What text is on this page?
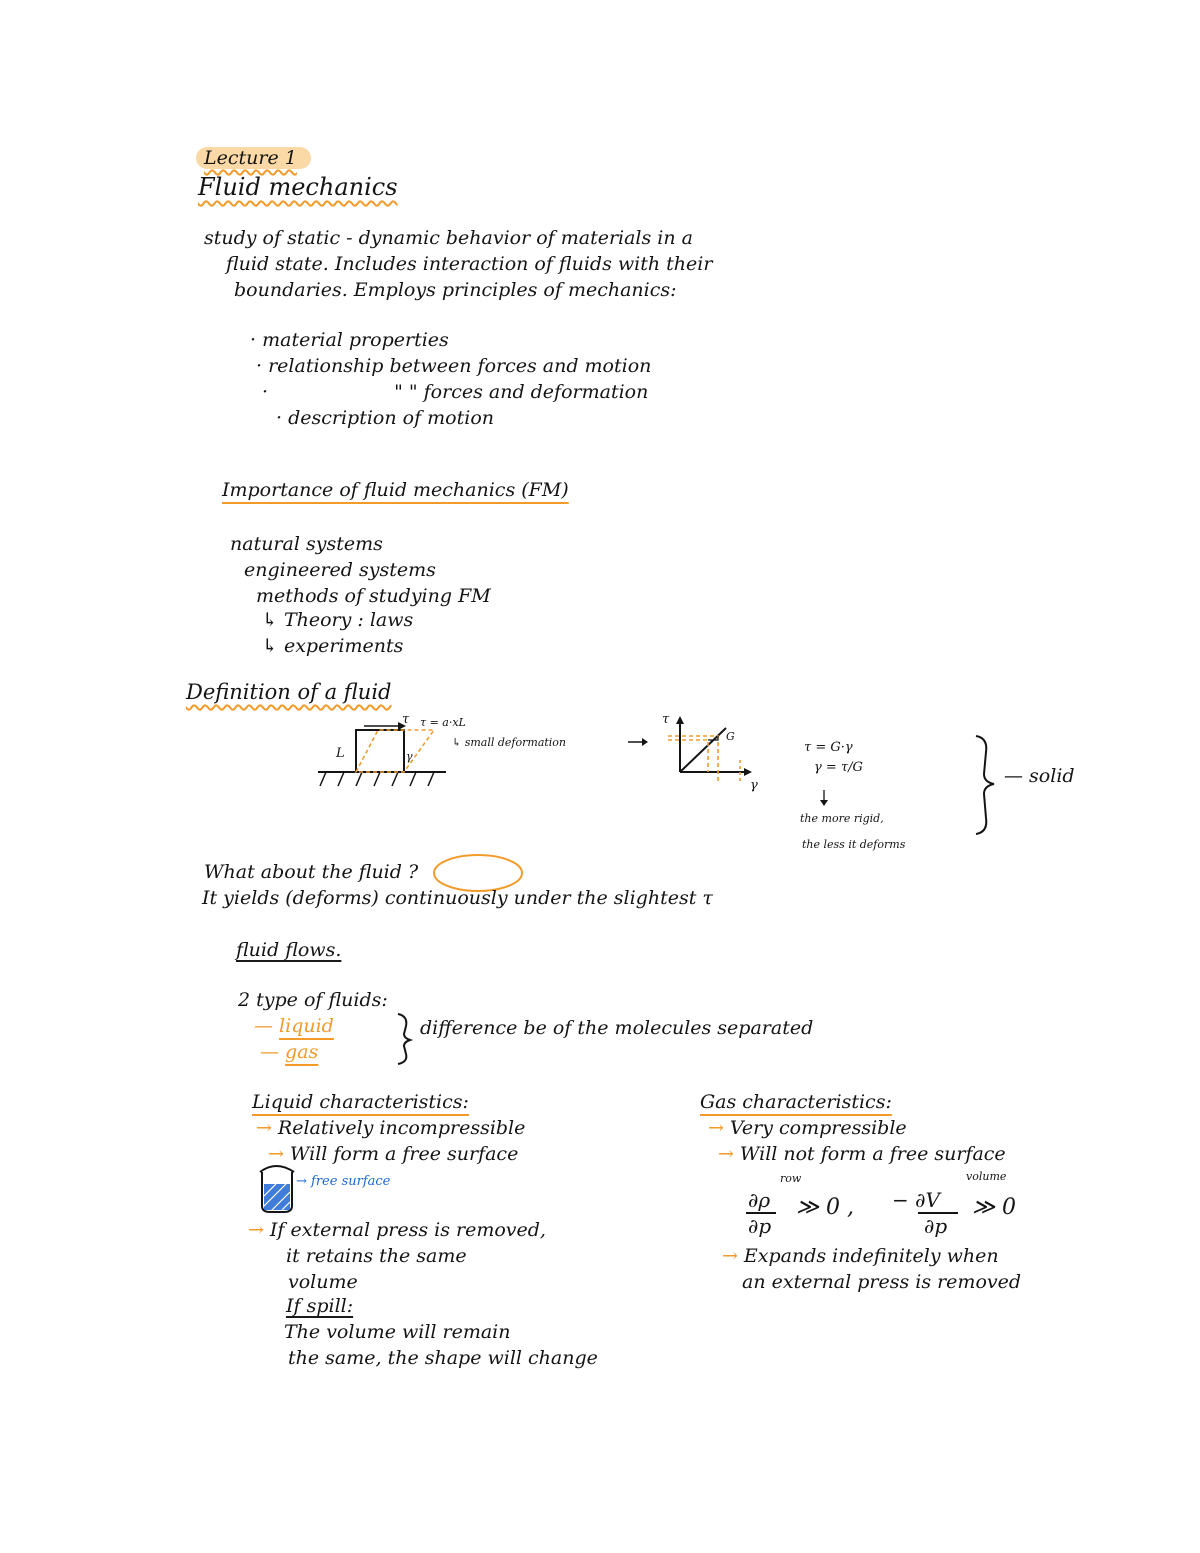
Lecture 1
Fluid mechanics
study of static - dynamic behavior of materials in a
fluid state. Includes interaction of fluids with their
boundaries. Employs principles of mechanics:
· material properties
· relationship between forces and motion
·	" " forces and deformation
· description of motion
Importance of fluid mechanics (FM)
natural systems
engineered systems
methods of studying FM
↳ Theory : laws
↳ experiments
Definition of a fluid
τ τ = a·xL
L	γ
↳ small deformation
τ
G
γ
τ = G·γ
γ = τ/G
the more rigid,
the less it deforms
— solid
What about the fluid ?
It yields (deforms) continuously under the slightest τ
fluid flows.
2 type of fluids:
— liquid
— gas
difference be of the molecules separated
Liquid characteristics:
→ Relatively incompressible
→ Will form a free surface
→ free surface
→ If external press is removed,
it retains the same
volume
If spill:
The volume will remain
the same, the shape will change
Gas characteristics:
→ Very compressible
→ Will not form a free surface
row	volume
∂ρ
∂p
≫ 0 , − ∂V
∂p
≫ 0
→ Expands indefinitely when
an external press is removed
